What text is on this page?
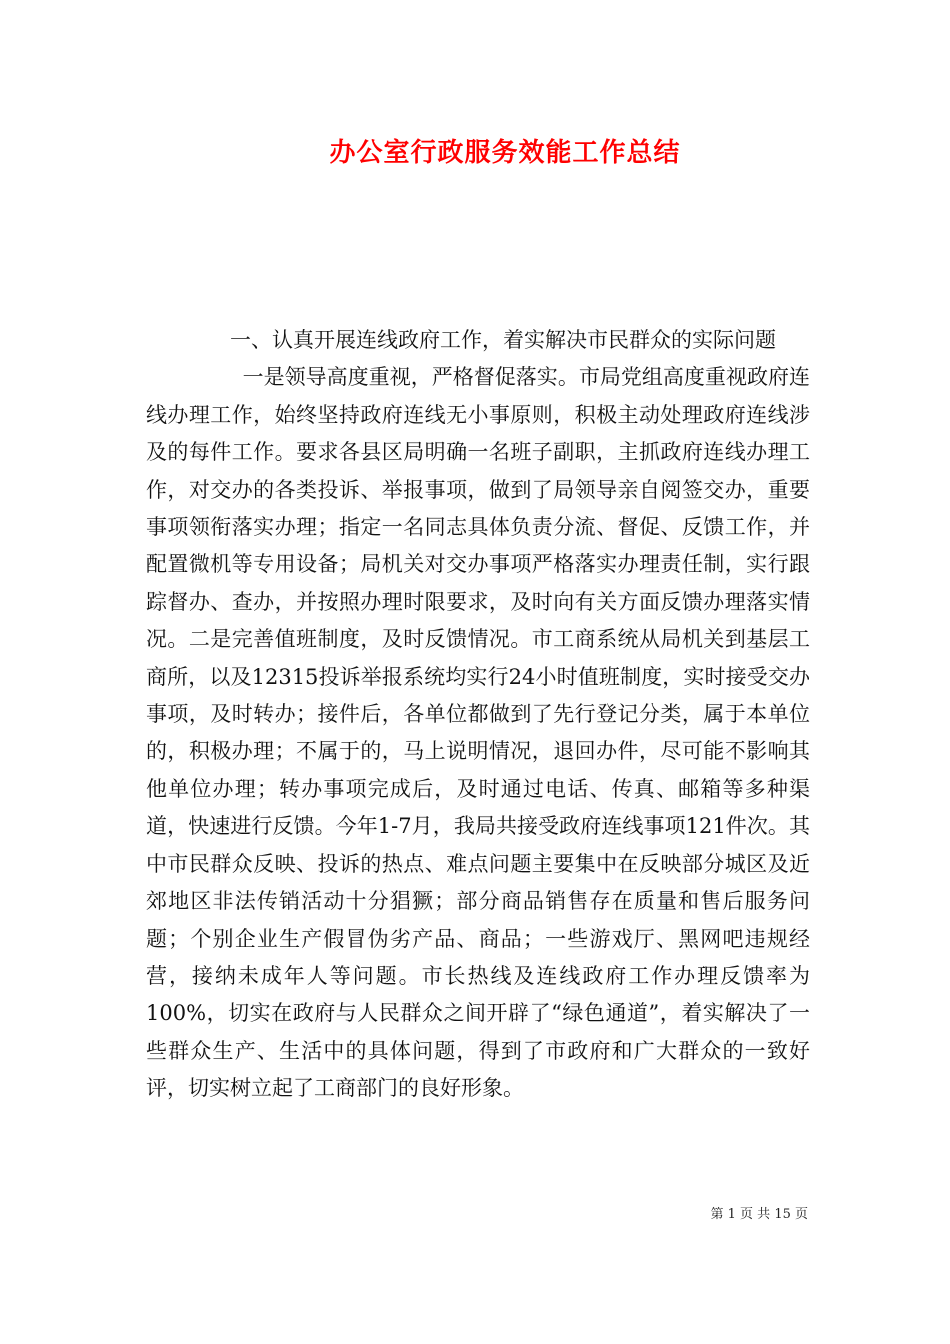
办公室行政服务效能工作总结

一、认真开展连线政府工作，着实解决市民群众的实际问题

一是领导高度重视，严格督促落实。市局党组高度重视政府连线办理工作，始终坚持政府连线无小事原则，积极主动处理政府连线涉及的每件工作。要求各县区局明确一名班子副职，主抓政府连线办理工作，对交办的各类投诉、举报事项，做到了局领导亲自阅签交办，重要事项领衔落实办理；指定一名同志具体负责分流、督促、反馈工作，并配置微机等专用设备；局机关对交办事项严格落实办理责任制，实行跟踪督办、查办，并按照办理时限要求，及时向有关方面反馈办理落实情况。二是完善值班制度，及时反馈情况。市工商系统从局机关到基层工商所，以及12315投诉举报系统均实行24小时值班制度，实时接受交办事项，及时转办；接件后，各单位都做到了先行登记分类，属于本单位的，积极办理；不属于的，马上说明情况，退回办件，尽可能不影响其他单位办理；转办事项完成后，及时通过电话、传真、邮箱等多种渠道，快速进行反馈。今年1-7月，我局共接受政府连线事项121件次。其中市民群众反映、投诉的热点、难点问题主要集中在反映部分城区及近郊地区非法传销活动十分猖獗；部分商品销售存在质量和售后服务问题；个别企业生产假冒伪劣产品、商品；一些游戏厅、黑网吧违规经营，接纳未成年人等问题。市长热线及连线政府工作办理反馈率为100%，切实在政府与人民群众之间开辟了“绿色通道”，着实解决了一些群众生产、生活中的具体问题，得到了市政府和广大群众的一致好评，切实树立起了工商部门的良好形象。

第 1 页 共 15 页
